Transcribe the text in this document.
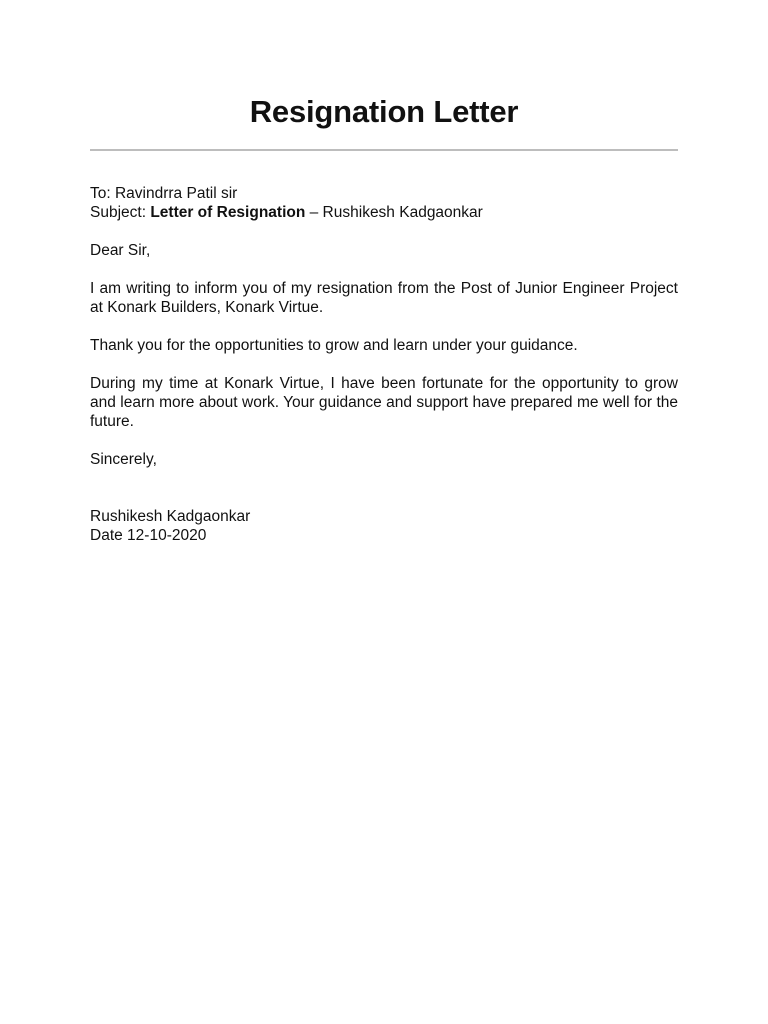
Resignation Letter

To: Ravindrra Patil sir

Subject: Letter of Resignation – Rushikesh Kadgaonkar

Dear Sir,

I am writing to inform you of my resignation from the Post of Junior Engineer Project at Konark Builders, Konark Virtue.

Thank you for the opportunities to grow and learn under your guidance.

During my time at Konark Virtue, I have been fortunate for the opportunity to grow and learn more about work. Your guidance and support have prepared me well for the future.

Sincerely,

Rushikesh Kadgaonkar

Date 12-10-2020
